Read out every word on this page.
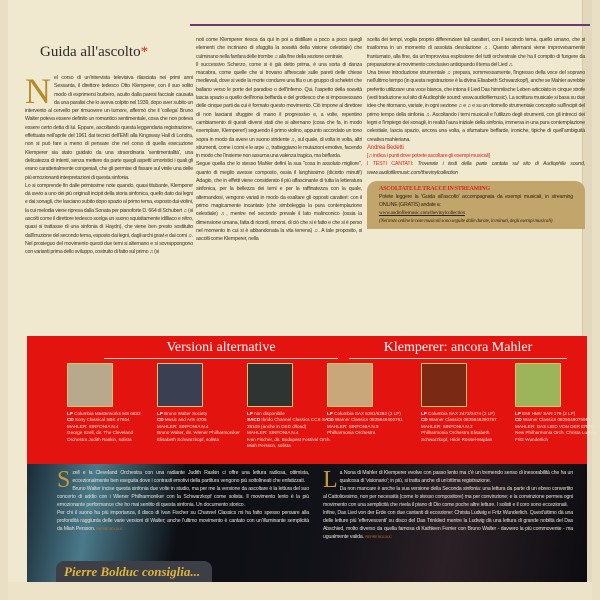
Guida all'ascolto*

Nel corso di un'intervista televisiva rilasciata nei primi anni Sessanta, il direttore tedesco Otto Klemperer, con il suo solito modo di esprimersi burbero, acuito dalla paresi facciale causata da una paralisi che lo aveva colpito nel 1939, dopo aver subito un intervento al cervello per rimuovere un tumore, affermò che il 'collega' Bruno Walter poteva essere definito un romantico sentimentale, cosa che non poteva essere certo detta di lui. Eppure, ascoltando questa leggendaria registrazione, effettuata nell'aprile del 1961 dai tecnici dell'EMI alla Kingsway Hall di Londra, non si può fare a meno di pensare che nel corso di quella esecuzione Klemperer sia stato guidato da una straordinaria 'sentimentalità', una delicatezza di intenti, senza mettere da parte quegli aspetti umoristici i quali gli erano caratterialmente congeniali, che gli permise di fissare sul vinile una delle più emozionanti interpretazioni di questa sinfonia.

Lo si comprende fin dalle primissime note quando, quasi titubante, Klemperer dà avvio a uno dei più originali incipit della storia sinfonica, quello dato dai legni e dai sonagli, che lasciano subito dopo spazio al primo tema, esposto dai violini, la cui melodia viene ripresa dalla Sonata per pianoforte D. 664 di Schubert ♫ (si ascolti come il direttore tedesco scelga un suono squisitamente idilliaco e rétro, quasi si trattasse di una sinfonia di Haydn), che viene ben presto sostituito dall'irruzione del secondo tema, esposto dai legni, dagli archi gravi e dai corni ♫. Nel prosieguo del movimento questi due temi si alternano e si sovrappongono con varianti prima dello sviluppo, costruito di fatto sul primo ♫ (si

noti come Klemperer riesca da qui in poi a distillare a poco a poco quegli elementi che incrinano di sfuggita la soavità della visione celestiale) che culminano nella fanfara delle trombe ♫ alla fine della sezione centrale.

Il successivo Scherzo, come si è già detto prima, è una sorta di danza macabra, come quelle che si trovano affrescate sulle pareti delle chiese medievali, dove si vede la morte condurre una fila o un gruppo di scheletri che ballano verso le porte del paradiso o dell'inferno. Qui, l'aspetto della soavità lascia spazio a quello dell'ironia beffarda e del grottesco che si impossessano delle cinque parti da cui è formato questo movimento. Ciò impone al direttore di non lasciarsi sfuggire di mano il progressivo e, a volte, repentino cambiamento di questi diversi stati che si alternano (cosa che fa, in modo esemplare, Klemperer!) seguendo il primo violino, appunto accordato un tono sopra in modo da avere un suono stridente ♫, sul quale, di volta in volta, altri strumenti, come i corni e le arpe ♫, tratteggiano le mutazioni emotive, facendo in modo che l'insieme non assuma una valenza tragica, ma beffarda.

Segue quella che lo stesso Mahler definì la sua "cosa in assoluto migliore", quanto di meglio avesse composto, ossia il lunghissimo (diciotto minuti!) Adagio, che in effetti viene considerato il più affascinante di tutta la letteratura sinfonica, per la bellezza dei temi e per la raffinatezza con la quale, alternandosi, vengono variati in modo da esaltare gli opposti caratteri: con il primo magicamente incantato (che simboleggia la pura contemplazione celestiale) ♫, mentre nel secondo prevale il lato malinconico (ossia la dimensione umana, fatta di ricordi, rimorsi, di ciò che si è fatto e che si è perso nel momento in cui si è abbandonata la vita terrena) ♫. A tale proposito, si ascolti come Klemperer, nella

scelta dei tempi, voglia proprio differenziare tali caratteri, con il secondo tema, quello umano, che si trasforma in un momento di assoluta desolazione ♫. Questo alternarsi viene improvvisamente frantumato, alla fine, da un'improvvisa esplosione del tutti orchestrale che ha il compito di fungere da preparazione al movimento conclusivo anticipando il tema del Lied ♫.

Una breve introduzione strumentale ♫ prepara, sommessamente, l'ingresso della voce del soprano nell'ultimo tempo (in questa registrazione è la divina Elisabeth Schwarzkopf), anche se Mahler avrebbe preferito utilizzare una voce bianca, che intona il Lied Das himmlische Leben articolato in cinque strofe (vedi traduzione sul sito di Audiophile sound: www.audiofilemusic). La scrittura musicale si basa su due idee che ritornano, variate, in ogni sezione ♫ e ♫ e su un ritornello strumentale concepito sull'incipit del primo tempo della sinfonia ♫. Ascoltando i temi musicali e l'utilizzo degli strumenti, con gli intrecci dei legni e l'impiego dei sonagli, in realtà l'aura iniziale della sinfonia, immersa in una pura contemplazione celestiale, lascia spazio, ancora una volta, a sfumature beffarde, ironiche, tipiche di quell'ambiguità creativa mahleriana.

Andrea Bedetti

[♫ indica i punti dove potrete ascoltare gli esempi musicali]

I TESTI CANTATI: Troverete i testi della parte cantata sul sito di Audiophile sound, www.audiofilemusic.com/thevinylcollection

ASCOLTATE LE TRACCE IN STREAMING
Potete leggere la 'Guida all'ascolto' accompagnata da esempi musicali, in streaming ONLINE (GRATIS) andate a:
www.audiofilemusic.com/thevinylcollection
(Nel testo online le note musicali sono seguite dalle durate, in minuti, degli esempi musicali)
Versioni alternative	Klemperer: ancora Mahler
LP Columbia Masterworks MS 6833
CD Sony Classical SBK 47654
MAHLER: SINFONIA N.4
George Szell, dir. The Cleveland Orchestra Judith Raskin, solista
LP Bruno Walter Society
CD Music and Arts 4705
MAHLER: SINFONIA N.4
Bruno Walter, dir. Wiener Philharmoniker Elisabeth Schwarzkopf, solista
LP non disponibile
SACD Ibrido Channel Classics CCS SA 26109 (anche in DSD d/load)
MAHLER: SINFONIA N.4
Ivan Fischer, dir. Budapest Festival Orch. Miah Persson, solista
LP Columbia SAX 5281/5282 (2 LP)
CD Warner Classics 0825646400751
MAHLER: SINFONIA N.9
Philharmonia Orchestra
LP Columbia SAX 2473/2474 (2 LP)
CD Warner Classics 0825646290757
MAHLER: SINFONIA N.2
Philharmonia Orchestra Elisabeth Schwarzkopf, Hilde Rössel-Majdan
LP EMI HMV SAN 179 (2 LP)
CD Warner Classics 0825646075983
MAHLER: DAS LIED VON DER ERDE
New Philharmonia Orch. Christa Ludwig, Fritz Wunderlich

Szell e la Cleveland Orchestra con una radiante Judith Raskin ci offre una lettura radiosa, ottimista, eccezionalmente ben eseguita dove i contrasti emotivi della partitura vengono più sottolineati che enfatizzati.

Bruno Walter incise questa sinfonia due volte in studio, ma per me la versione da ascoltare è la lettura del suo concerto di addio con i Wiener Philharmoniker con la Schwarzkopf come solista. Il movimento lento è la più emozionante performance che ho mai sentito di questa sinfonia. Un documento storico.

Per chi il suono ha più importanza, il disco di Ivan Fischer su Channel Classics mi ha fatto spesso pensare alla profondità raggiunta delle varie versioni di Walter; anche l'ultimo movimento è cantato con un'illuminante semplicità da Miah Persson. PIERRE BOLDUC

La Nona di Mahler di Klemperer evolve con passo lento ma c'è un tremendo senso di inesorabilità che ha un qualcosa di 'visionario'; in più, si tratta anche di un'ottima registrazione.

Da non mancare è anche la sua versione della Seconda sinfonia: una lettura da parte di un ebreo convertito al Cattolicesimo, non per necessità (come lo stesso compositore) ma per convinzione; e la convinzione permea ogni movimento con una semplicità che rivela il piano di Dio come poche altre letture. I solisti e il coro sono eccezionali.

Infine, Das Lied von der Erde con due cantanti di eccezione: Christa Ludwig e Fritz Wunderlich. Quest'ultimo dà una delle letture più 'effervescenti' su disco del Das Trinklied mentre la Ludwig dà una lettura di grande nobiltà del Das Abschied, molto diverso da quella famosa di Kathleen Ferrier con Bruno Walter - davvero la più commovente - ma ugualmente valida. PIERRE BOLDUC

Pierre Bolduc consiglia...
